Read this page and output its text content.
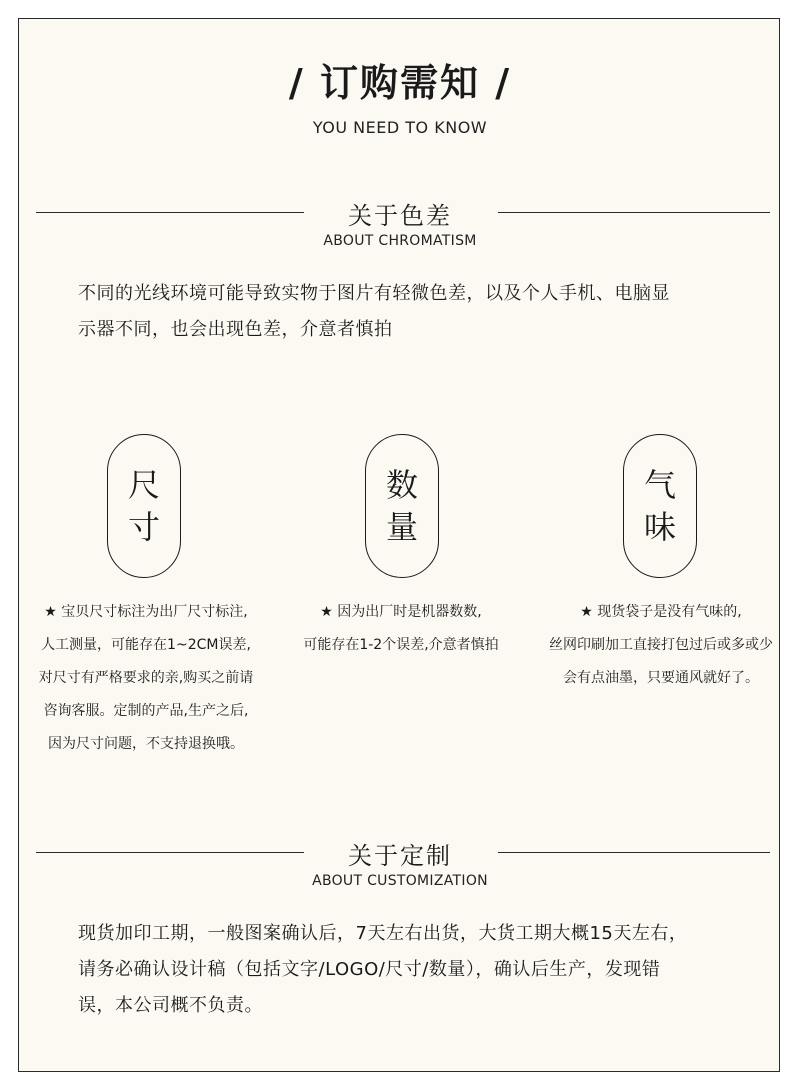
/ 订购需知 /
YOU NEED TO KNOW
关于色差
ABOUT CHROMATISM
不同的光线环境可能导致实物于图片有轻微色差，以及个人手机、电脑显
示器不同，也会出现色差，介意者慎拍
尺
寸
数
量
气
味
★ 宝贝尺寸标注为出厂尺寸标注,
人工测量，可能存在1~2CM误差,
对尺寸有严格要求的亲,购买之前请
咨询客服。定制的产品,生产之后,
因为尺寸问题，不支持退换哦。
★ 因为出厂时是机器数数,
可能存在1-2个误差,介意者慎拍
★ 现货袋子是没有气味的,
丝网印刷加工直接打包过后或多或少
会有点油墨，只要通风就好了。
关于定制
ABOUT CUSTOMIZATION
现货加印工期，一般图案确认后，7天左右出货，大货工期大概15天左右，
请务必确认设计稿（包括文字/LOGO/尺寸/数量），确认后生产，发现错
误，本公司概不负责。
